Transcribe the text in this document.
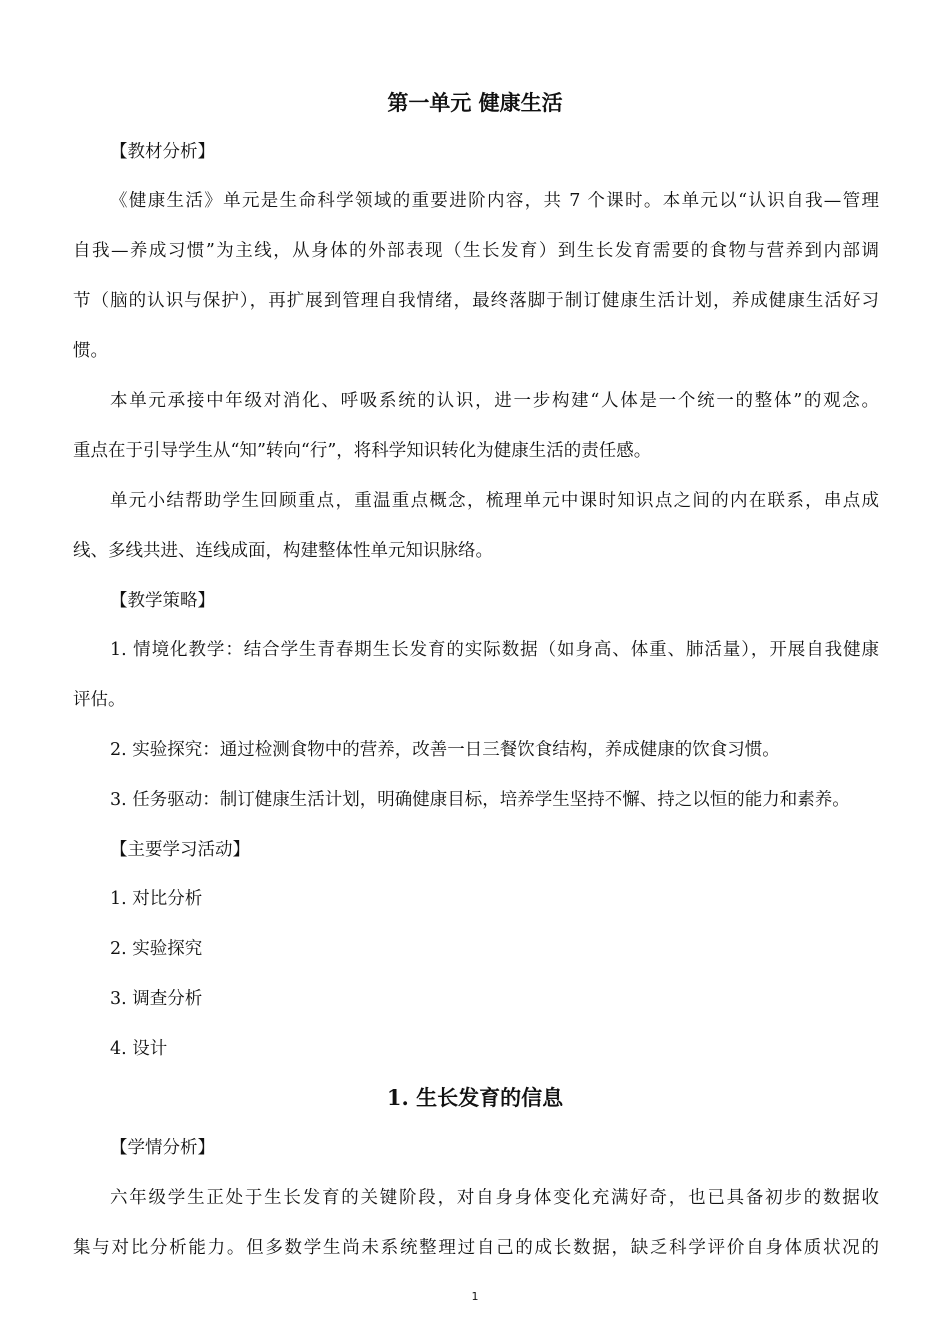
第一单元 健康生活
【教材分析】
《健康生活》单元是生命科学领域的重要进阶内容，共 7 个课时。本单元以“认识自我—管理
自我—养成习惯”为主线，从身体的外部表现（生长发育）到生长发育需要的食物与营养到内部调
节（脑的认识与保护），再扩展到管理自我情绪，最终落脚于制订健康生活计划，养成健康生活好习
惯。
本单元承接中年级对消化、呼吸系统的认识，进一步构建“人体是一个统一的整体”的观念。
重点在于引导学生从“知”转向“行”，将科学知识转化为健康生活的责任感。
单元小结帮助学生回顾重点，重温重点概念，梳理单元中课时知识点之间的内在联系，串点成
线、多线共进、连线成面，构建整体性单元知识脉络。
【教学策略】
1. 情境化教学：结合学生青春期生长发育的实际数据（如身高、体重、肺活量），开展自我健康
评估。
2. 实验探究：通过检测食物中的营养，改善一日三餐饮食结构，养成健康的饮食习惯。
3. 任务驱动：制订健康生活计划，明确健康目标，培养学生坚持不懈、持之以恒的能力和素养。
【主要学习活动】
1. 对比分析
2. 实验探究
3. 调查分析
4. 设计
1. 生长发育的信息
【学情分析】
六年级学生正处于生长发育的关键阶段，对自身身体变化充满好奇，也已具备初步的数据收
集与对比分析能力。但多数学生尚未系统整理过自己的成长数据，缺乏科学评价自身体质状况的
1
